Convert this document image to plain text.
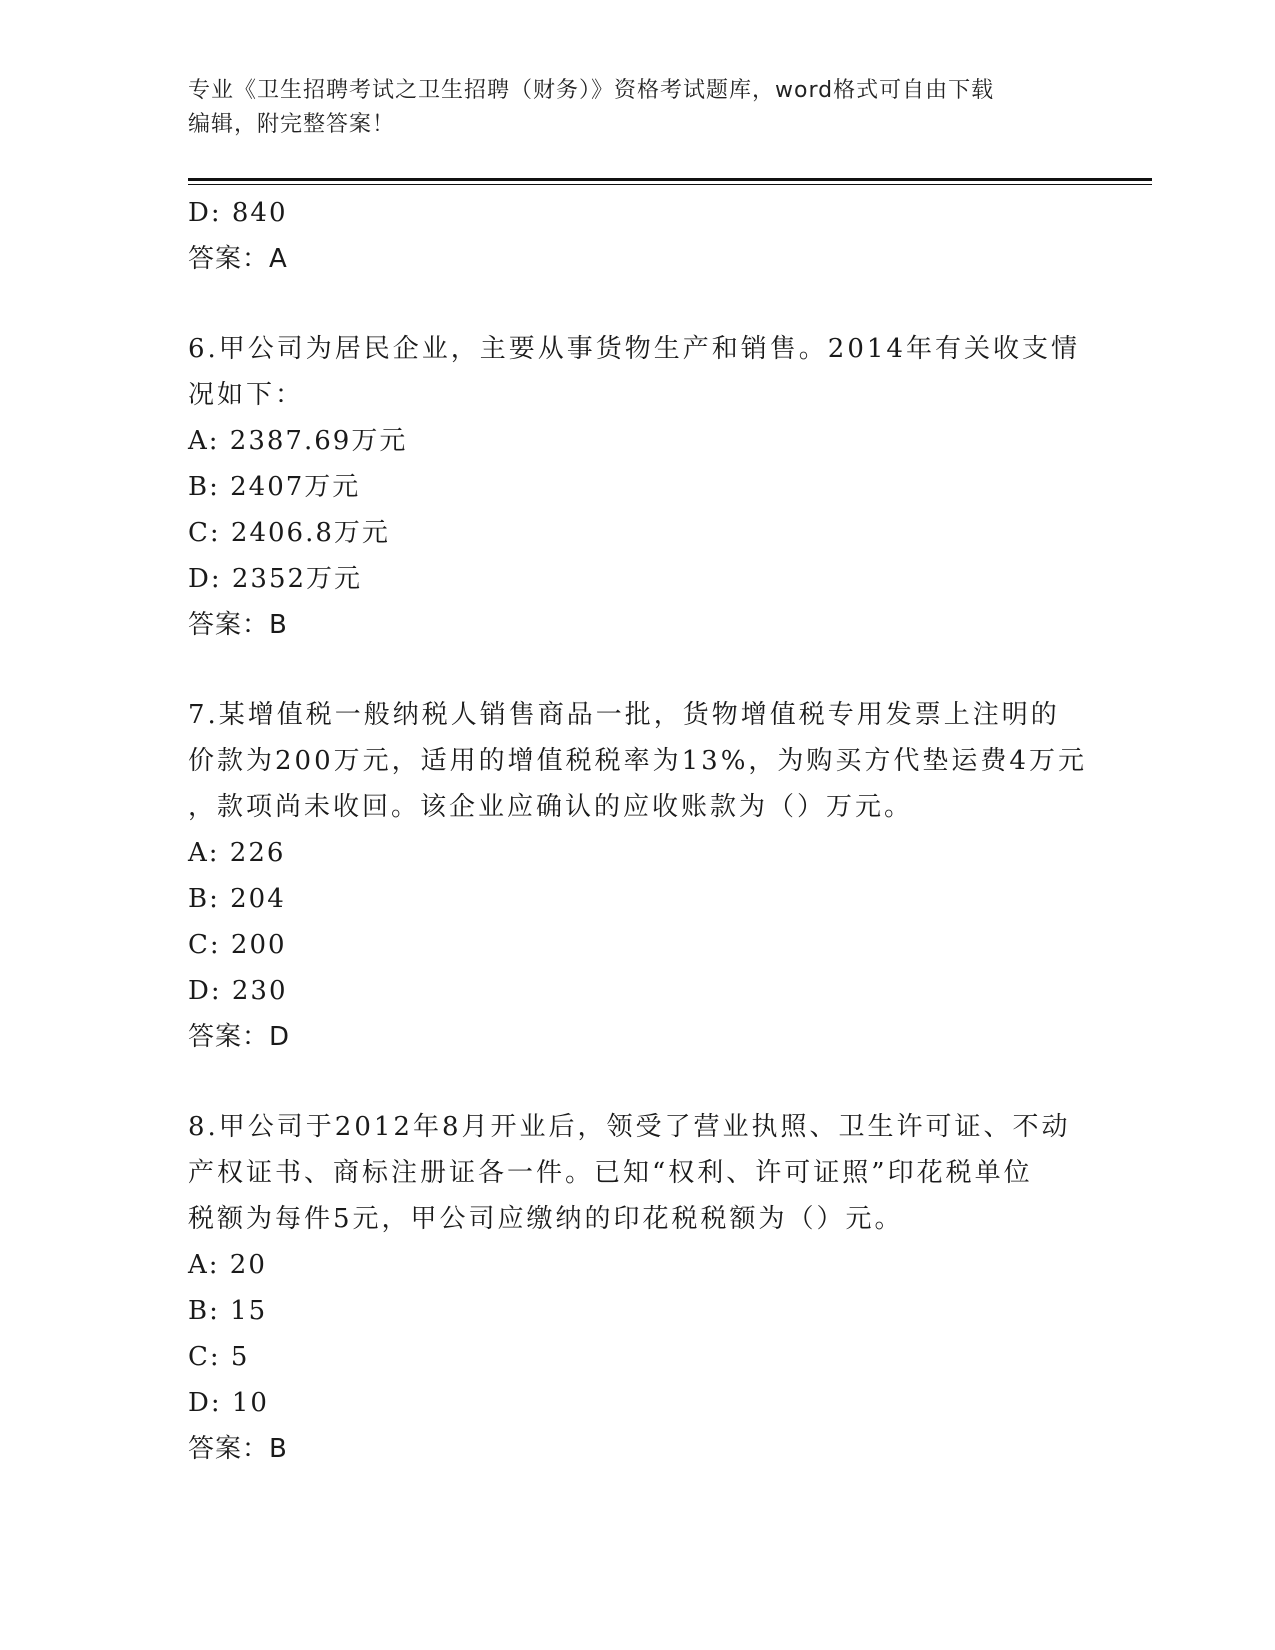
专业《卫生招聘考试之卫生招聘（财务）》资格考试题库，word格式可自由下载
编辑，附完整答案！
D: 840
答案：A
6.甲公司为居民企业，主要从事货物生产和销售。2014年有关收支情
况如下：
A: 2387.69万元
B: 2407万元
C: 2406.8万元
D: 2352万元
答案：B
7.某增值税一般纳税人销售商品一批，货物增值税专用发票上注明的
价款为200万元，适用的增值税税率为13%，为购买方代垫运费4万元
，款项尚未收回。该企业应确认的应收账款为（）万元。
A: 226
B: 204
C: 200
D: 230
答案：D
8.甲公司于2012年8月开业后，领受了营业执照、卫生许可证、不动
产权证书、商标注册证各一件。已知“权利、许可证照”印花税单位
税额为每件5元，甲公司应缴纳的印花税税额为（）元。
A: 20
B: 15
C: 5
D: 10
答案：B
